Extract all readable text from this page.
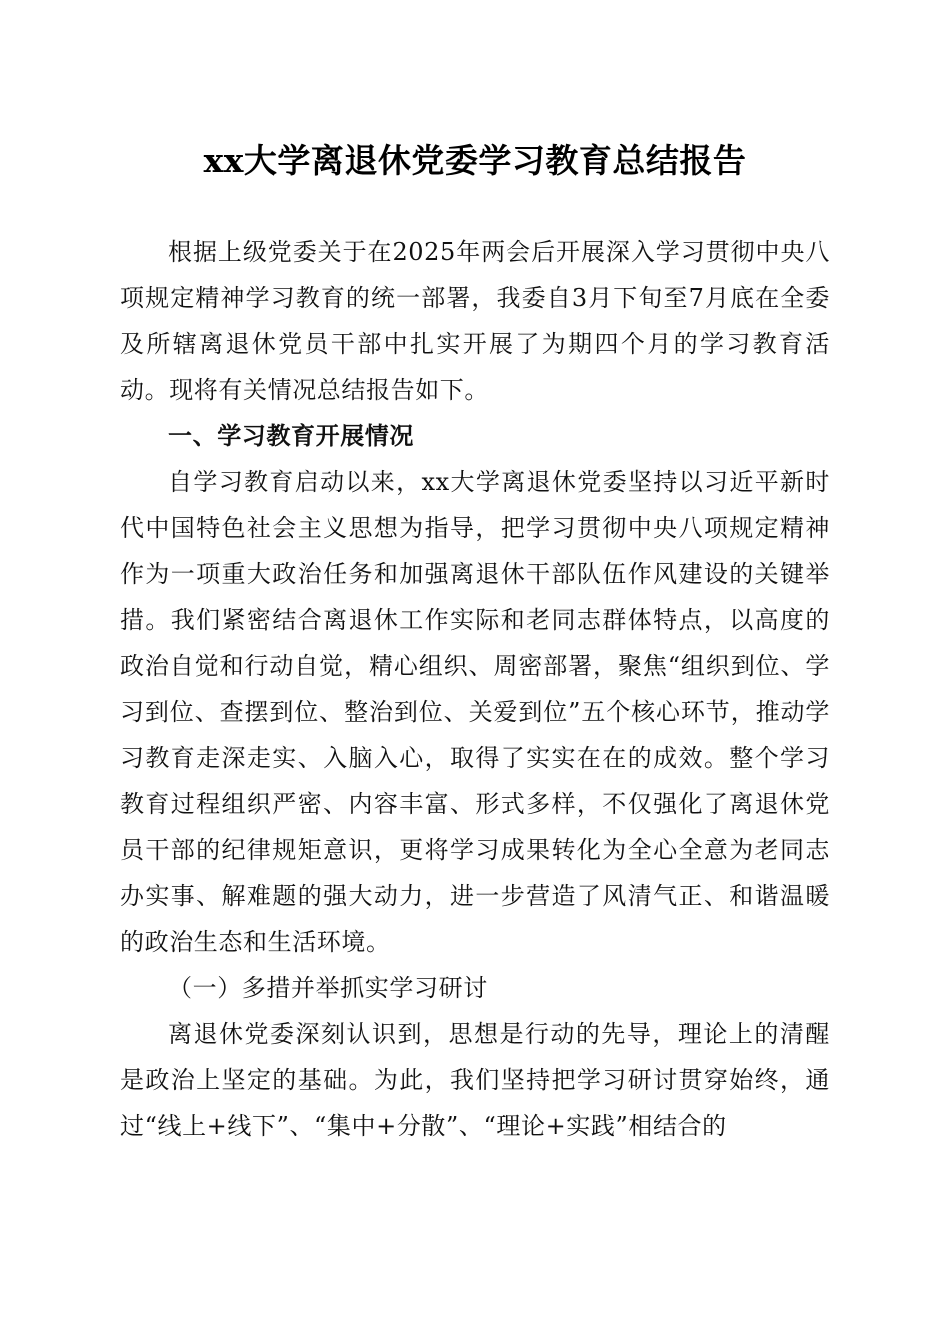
xx大学离退休党委学习教育总结报告

根据上级党委关于在2025年两会后开展深入学习贯彻中央八项规定精神学习教育的统一部署，我委自3月下旬至7月底在全委及所辖离退休党员干部中扎实开展了为期四个月的学习教育活动。现将有关情况总结报告如下。

一、学习教育开展情况

自学习教育启动以来，xx大学离退休党委坚持以习近平新时代中国特色社会主义思想为指导，把学习贯彻中央八项规定精神作为一项重大政治任务和加强离退休干部队伍作风建设的关键举措。我们紧密结合离退休工作实际和老同志群体特点，以高度的政治自觉和行动自觉，精心组织、周密部署，聚焦“组织到位、学习到位、查摆到位、整治到位、关爱到位”五个核心环节，推动学习教育走深走实、入脑入心，取得了实实在在的成效。整个学习教育过程组织严密、内容丰富、形式多样，不仅强化了离退休党员干部的纪律规矩意识，更将学习成果转化为全心全意为老同志办实事、解难题的强大动力，进一步营造了风清气正、和谐温暖的政治生态和生活环境。

（一）多措并举抓实学习研讨

离退休党委深刻认识到，思想是行动的先导，理论上的清醒是政治上坚定的基础。为此，我们坚持把学习研讨贯穿始终，通过“线上+线下”、“集中+分散”、“理论+实践”相结合的
